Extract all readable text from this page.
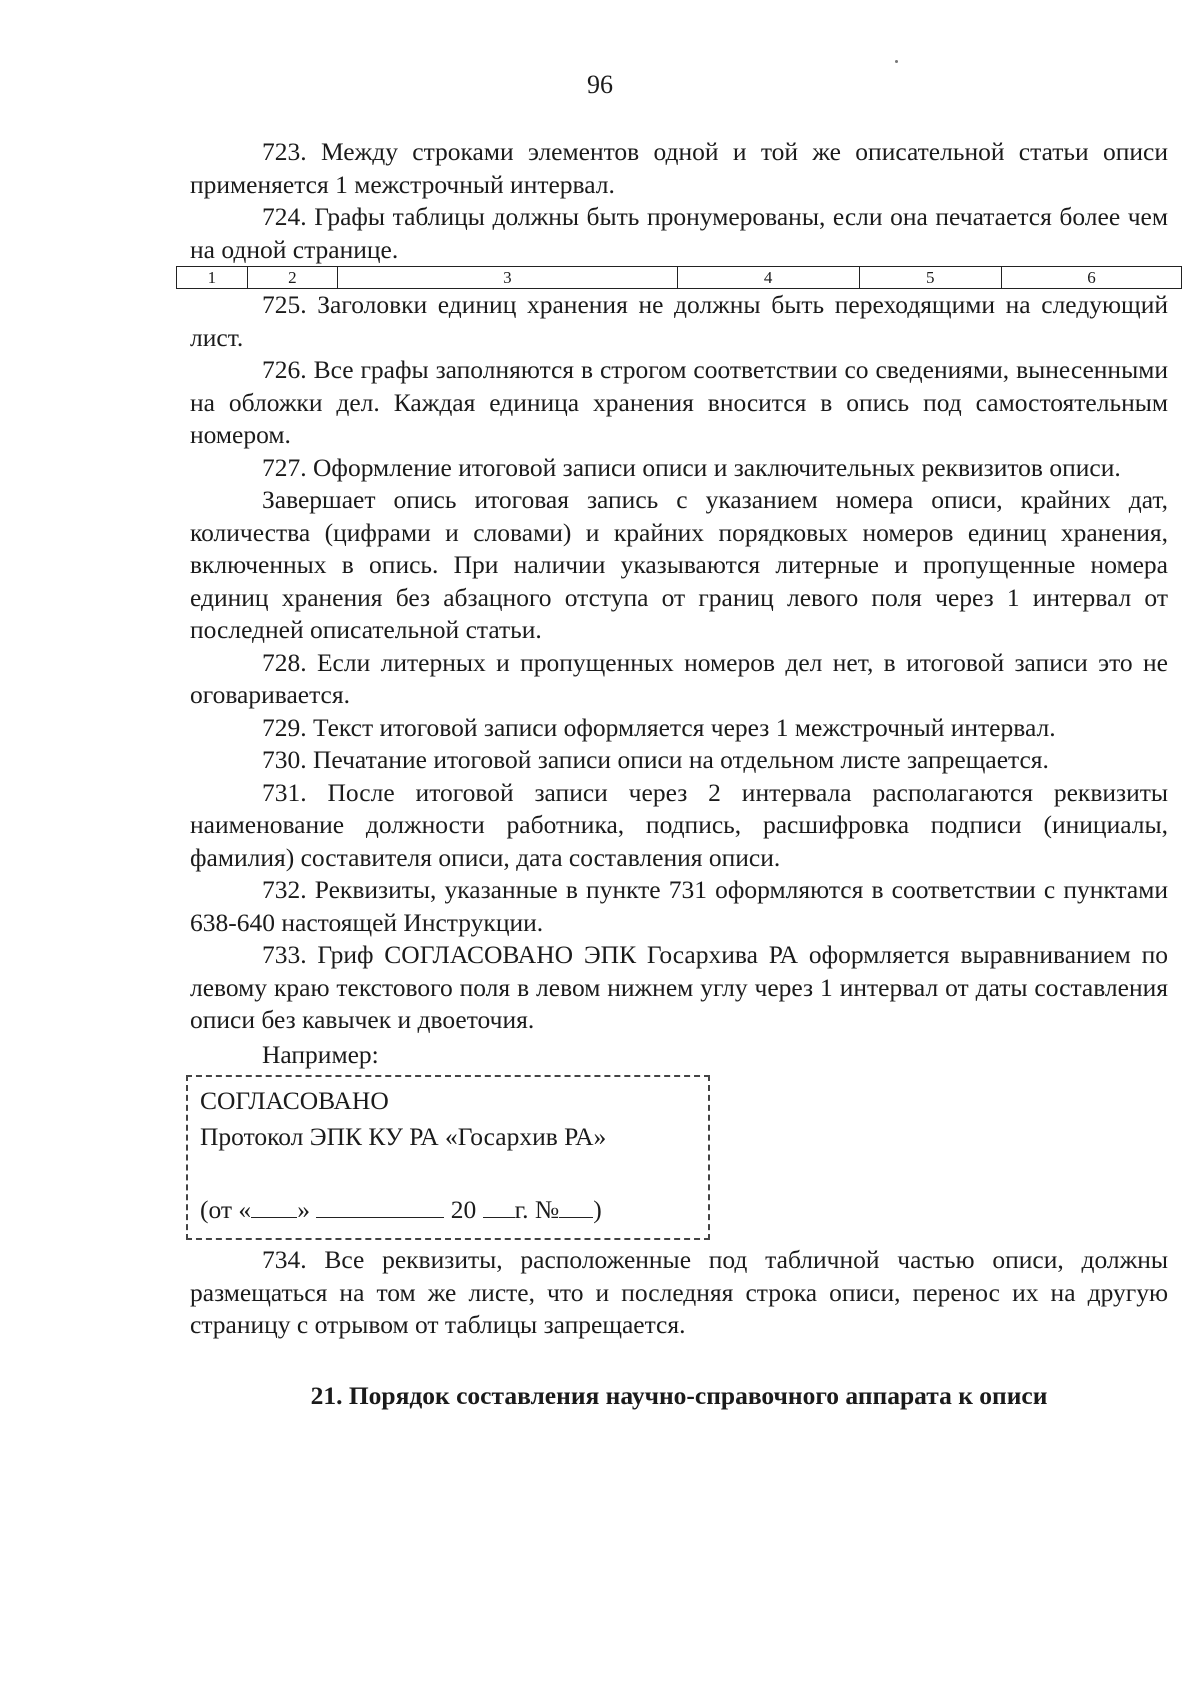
96

723. Между строками элементов одной и той же описательной статьи описи применяется 1 межстрочный интервал.

724. Графы таблицы должны быть пронумерованы, если она печатается более чем на одной странице.

1	2	3	4	5	6

725. Заголовки единиц хранения не должны быть переходящими на следующий лист.

726. Все графы заполняются в строгом соответствии со сведениями, вынесенными на обложки дел. Каждая единица хранения вносится в опись под самостоятельным номером.

727. Оформление итоговой записи описи и заключительных реквизитов описи.

Завершает опись итоговая запись с указанием номера описи, крайних дат, количества (цифрами и словами) и крайних порядковых номеров единиц хранения, включенных в опись. При наличии указываются литерные и пропущенные номера единиц хранения без абзацного отступа от границ левого поля через 1 интервал от последней описательной статьи.

728. Если литерных и пропущенных номеров дел нет, в итоговой записи это не оговаривается.

729. Текст итоговой записи оформляется через 1 межстрочный интервал.

730. Печатание итоговой записи описи на отдельном листе запрещается.

731. После итоговой записи через 2 интервала располагаются реквизиты наименование должности работника, подпись, расшифровка подписи (инициалы, фамилия) составителя описи, дата составления описи.

732. Реквизиты, указанные в пункте 731 оформляются в соответствии с пунктами 638-640 настоящей Инструкции.

733. Гриф СОГЛАСОВАНО ЭПК Госархива РА оформляется выравниванием по левому краю текстового поля в левом нижнем углу через 1 интервал от даты составления описи без кавычек и двоеточия.

Например:

СОГЛАСОВАНО
Протокол ЭПК КУ РА «Госархив РА»
(от « »	20 г. № )

734. Все реквизиты, расположенные под табличной частью описи, должны размещаться на том же листе, что и последняя строка описи, перенос их на другую страницу с отрывом от таблицы запрещается.

21. Порядок составления научно-справочного аппарата к описи
